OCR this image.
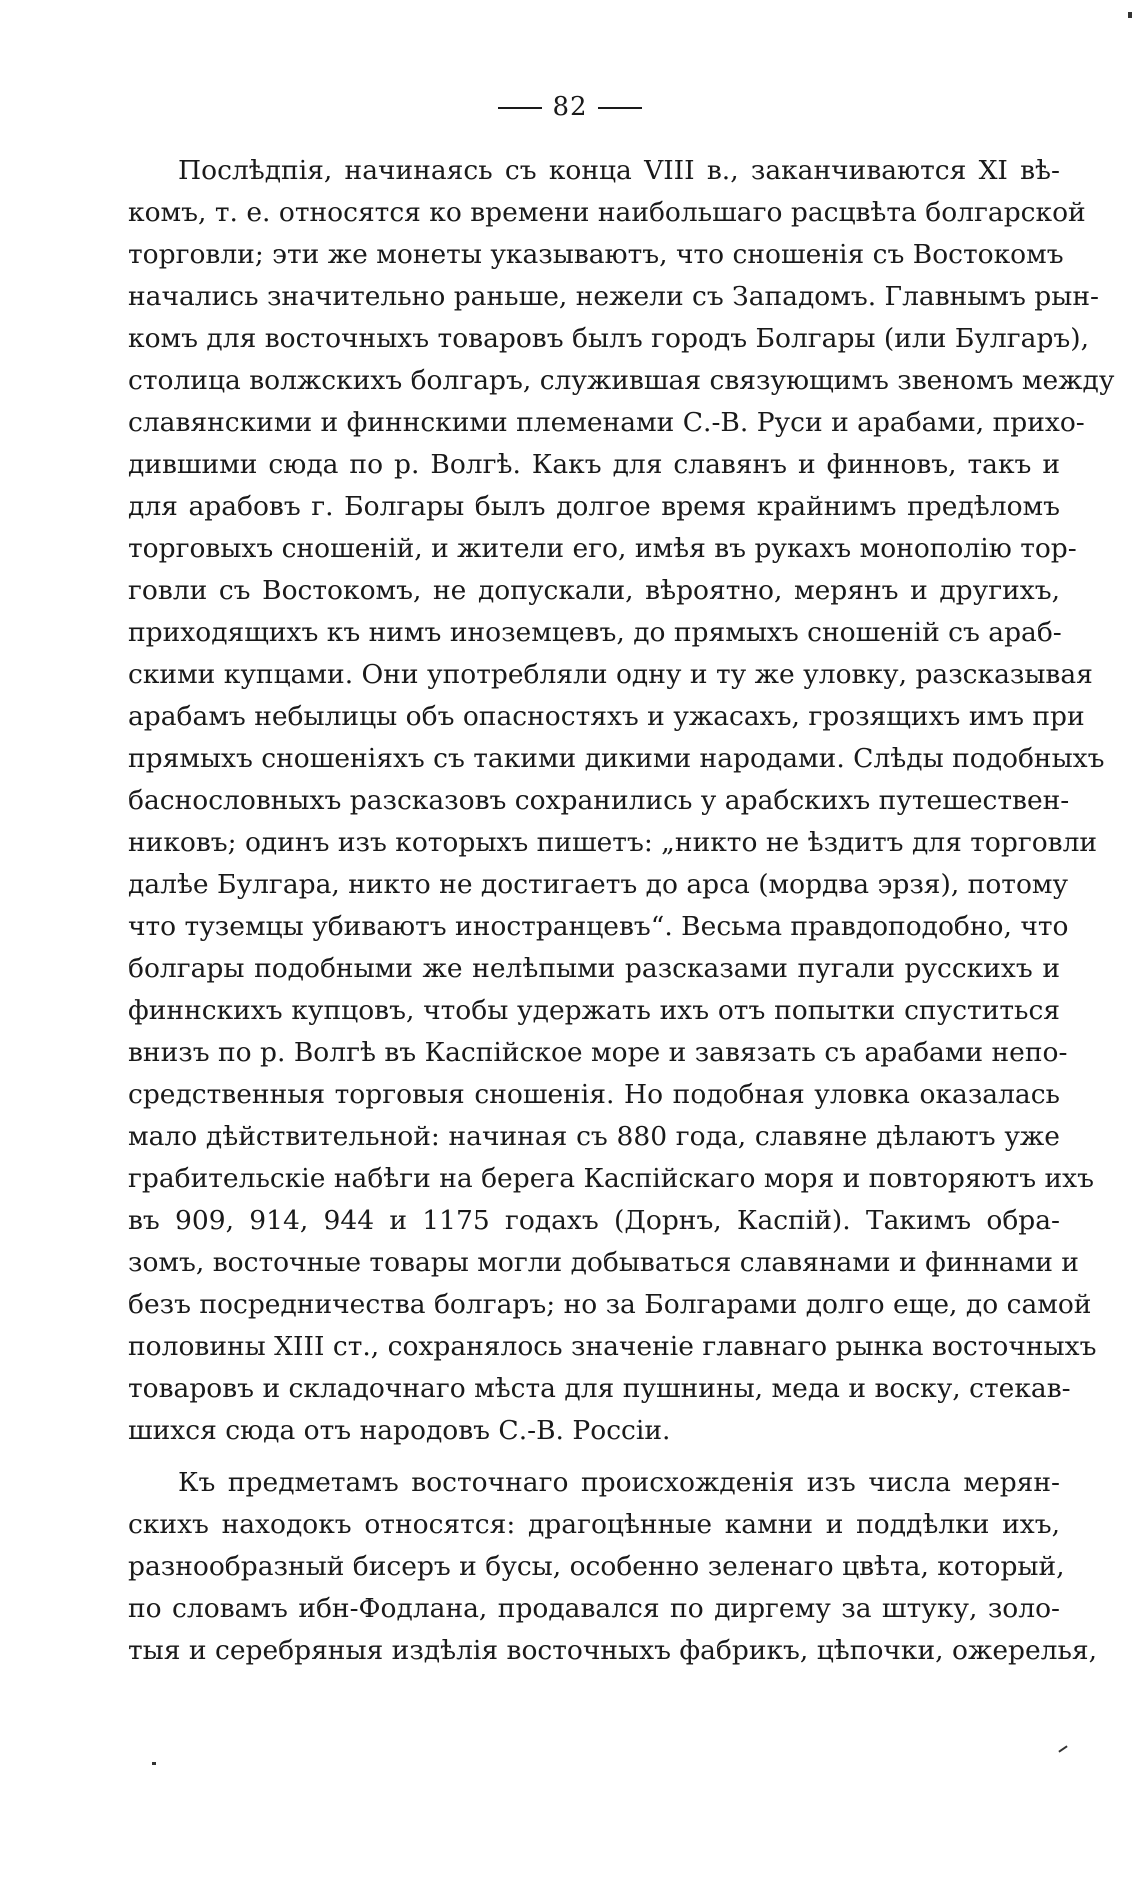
82
Послѣдпія, начинаясь съ конца VIII в., заканчиваются XI вѣ-
комъ, т. е. относятся ко времени наибольшаго расцвѣта болгарской
торговли; эти же монеты указываютъ, что сношенія съ Востокомъ
начались значительно раньше, нежели съ Западомъ. Главнымъ рын-
комъ для восточныхъ товаровъ былъ городъ Болгары (или Булгаръ),
столица волжскихъ болгаръ, служившая связующимъ звеномъ между
славянскими и финнскими племенами С.-В. Руси и арабами, прихо-
дившими сюда по р. Волгѣ. Какъ для славянъ и финновъ, такъ и
для арабовъ г. Болгары былъ долгое время крайнимъ предѣломъ
торговыхъ сношеній, и жители его, имѣя въ рукахъ монополію тор-
говли съ Востокомъ, не допускали, вѣроятно, мерянъ и другихъ,
приходящихъ къ нимъ иноземцевъ, до прямыхъ сношеній съ араб-
скими купцами. Они употребляли одну и ту же уловку, разсказывая
арабамъ небылицы объ опасностяхъ и ужасахъ, грозящихъ имъ при
прямыхъ сношеніяхъ съ такими дикими народами. Слѣды подобныхъ
баснословныхъ разсказовъ сохранились у арабскихъ путешествен-
никовъ; одинъ изъ которыхъ пишетъ: „никто не ѣздитъ для торговли
далѣе Булгара, никто не достигаетъ до арса (мордва эрзя), потому
что туземцы убиваютъ иностранцевъ“. Весьма правдоподобно, что
болгары подобными же нелѣпыми разсказами пугали русскихъ и
финнскихъ купцовъ, чтобы удержать ихъ отъ попытки спуститься
внизъ по р. Волгѣ въ Каспійское море и завязать съ арабами непо-
средственныя торговыя сношенія. Но подобная уловка оказалась
мало дѣйствительной: начиная съ 880 года, славяне дѣлаютъ уже
грабительскіе набѣги на берега Каспійскаго моря и повторяютъ ихъ
въ 909, 914, 944 и 1175 годахъ (Дорнъ, Каспій). Такимъ обра-
зомъ, восточные товары могли добываться славянами и финнами и
безъ посредничества болгаръ; но за Болгарами долго еще, до самой
половины XIII ст., сохранялось значеніе главнаго рынка восточныхъ
товаровъ и складочнаго мѣста для пушнины, меда и воску, стекав-
шихся сюда отъ народовъ С.-В. Россіи.
Къ предметамъ восточнаго происхожденія изъ числа мерян-
скихъ находокъ относятся: драгоцѣнные камни и поддѣлки ихъ,
разнообразный бисеръ и бусы, особенно зеленаго цвѣта, который,
по словамъ ибн-Фодлана, продавался по диргему за штуку, золо-
тыя и серебряныя издѣлія восточныхъ фабрикъ, цѣпочки, ожерелья,
